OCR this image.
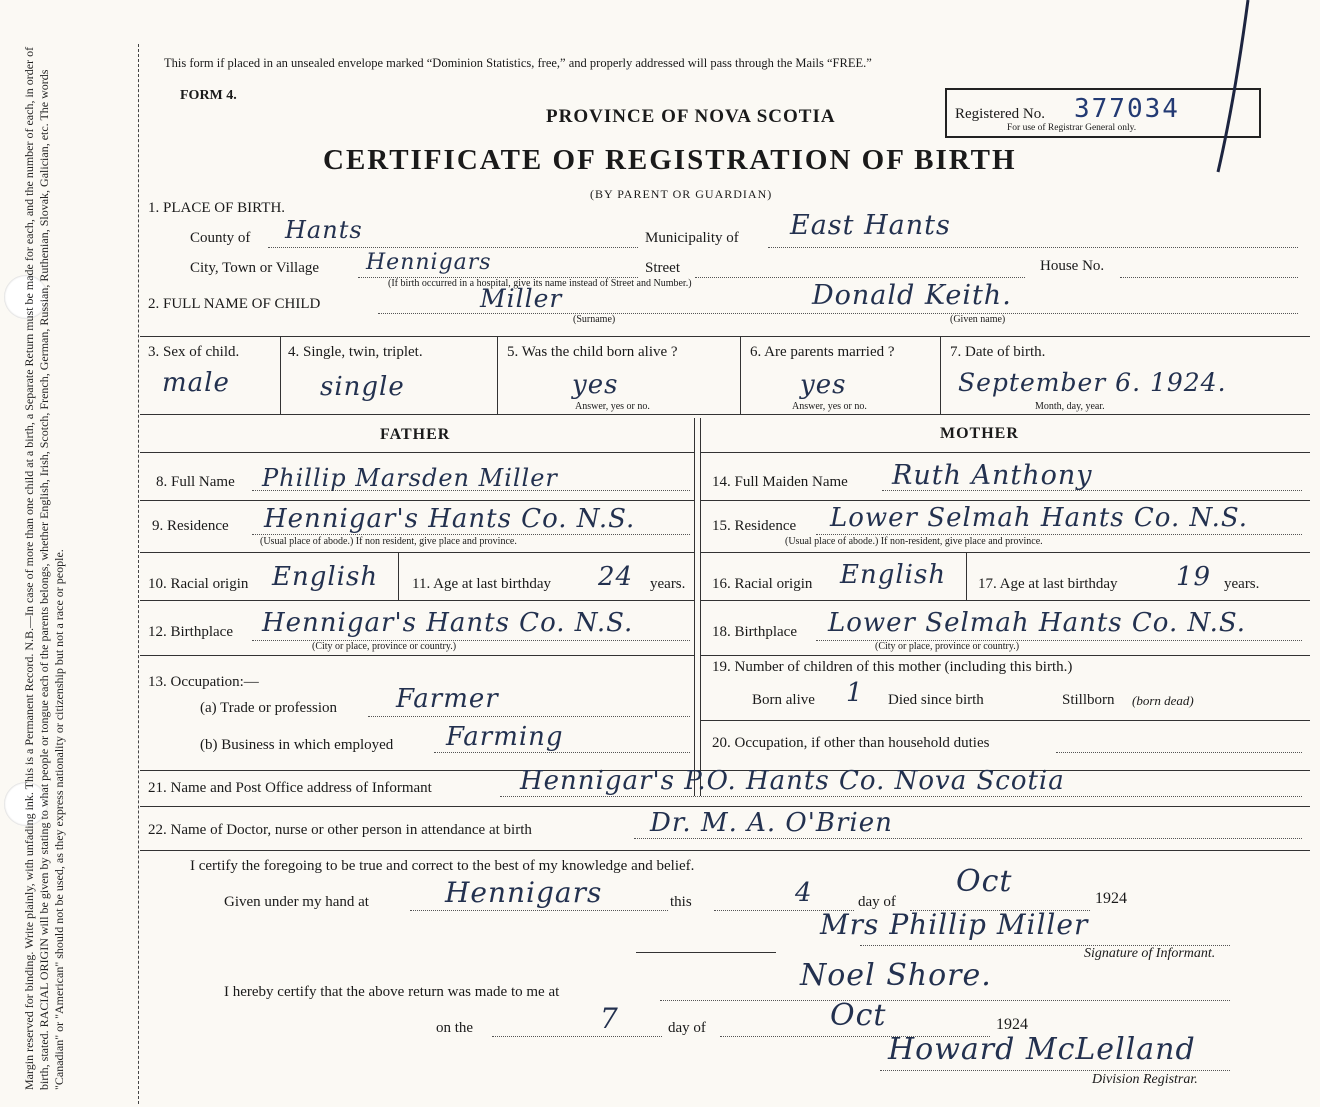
Margin reserved for binding. Write plainly, with unfading ink. This is a Permanent Record. N.B.—In case of more than one child at a birth, a Separate Return must be made for each, and the number of each, in order of birth, stated. RACIAL ORIGIN will be given by stating to what people or tongue each of the parents belongs, whether English, Irish, Scotch, French, German, Russian, Ruthenian, Slovak, Galician, etc. The words "Canadian" or "American" should not be used, as they express nationality or citizenship but not a race or people.
This form if placed in an unsealed envelope marked “Dominion Statistics, free,” and properly addressed will pass through the Mails “FREE.”
FORM 4.
PROVINCE OF NOVA SCOTIA	Registered No. 377034
For use of Registrar General only.
CERTIFICATE OF REGISTRATION OF BIRTH
(BY PARENT OR GUARDIAN)
1. PLACE OF BIRTH.
County of Hants	Municipality of East Hants
City, Town or Village Hennigars
(If birth occurred in a hospital, give its name instead of Street and Number.)
Street	House No.
2. FULL NAME OF CHILD	Miller
(Surname)
Donald Keith.
(Given name)
3. Sex of child.
male
4. Single, twin, triplet.
single
5. Was the child born alive ?
yes
Answer, yes or no.
6. Are parents married ?
yes
Answer, yes or no.
7. Date of birth.
September 6. 1924.
Month, day, year.
FATHER	MOTHER
8. Full Name Phillip Marsden Miller	14. Full Maiden Name Ruth Anthony
9. Residence Hennigar's Hants Co. N.S.
(Usual place of abode.) If non resident, give place and province.
15. Residence Lower Selmah Hants Co. N.S.
(Usual place of abode.) If non-resident, give place and province.
10. Racial origin English 11. Age at last birthday 24 years. 16. Racial origin English 17. Age at last birthday 19 years.
12. Birthplace Hennigar's Hants Co. N.S.
(City or place, province or country.)
18. Birthplace Lower Selmah Hants Co. N.S.
(City or place, province or country.)
13. Occupation:—
(a) Trade or profession Farmer
(b) Business in which employed Farming
19. Number of children of this mother (including this birth.)
Born alive 1 Died since birth	Stillborn (born dead)
20. Occupation, if other than household duties
21. Name and Post Office address of Informant	Hennigar's P.O. Hants Co. Nova Scotia
22. Name of Doctor, nurse or other person in attendance at birth	Dr. M. A. O'Brien
I certify the foregoing to be true and correct to the best of my knowledge and belief.
Given under my hand at	Hennigars	this	4	day of
Oct	1924
Mrs Phillip Miller
Signature of Informant.
Noel Shore.
I hereby certify that the above return was made to me at
on the	7	day of	Oct	1924
Howard McLelland
Division Registrar.
